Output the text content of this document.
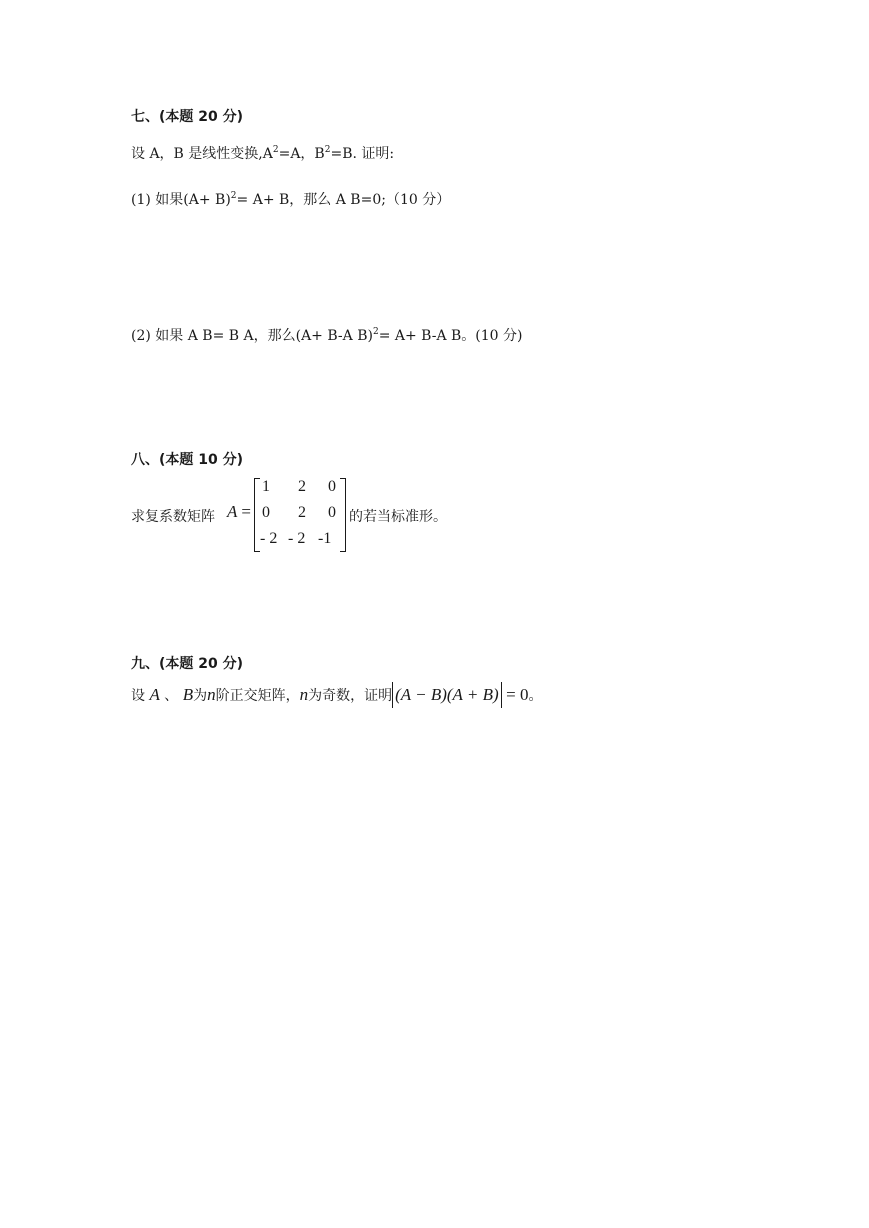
七、(本题 20 分)
设 A，B 是线性变换$,A^2=A$，$B^2=B$. 证明:
(1) 如果$(A+ B)^2= A+ B$，那么 A B=0;（10 分）
(2) 如果 A B= B A，那么(A+ B-A B)$^2$= A+ B-A B。(10 分)
八、(本题 10 分)
求复系数矩阵 A =
1 2 0
0 2 0
- 2 - 2 -1
的若当标准形。
九、(本题 20 分)
设 A 、 B为n阶正交矩阵，n为奇数，证明 (A − B)(A + B) = 0。
